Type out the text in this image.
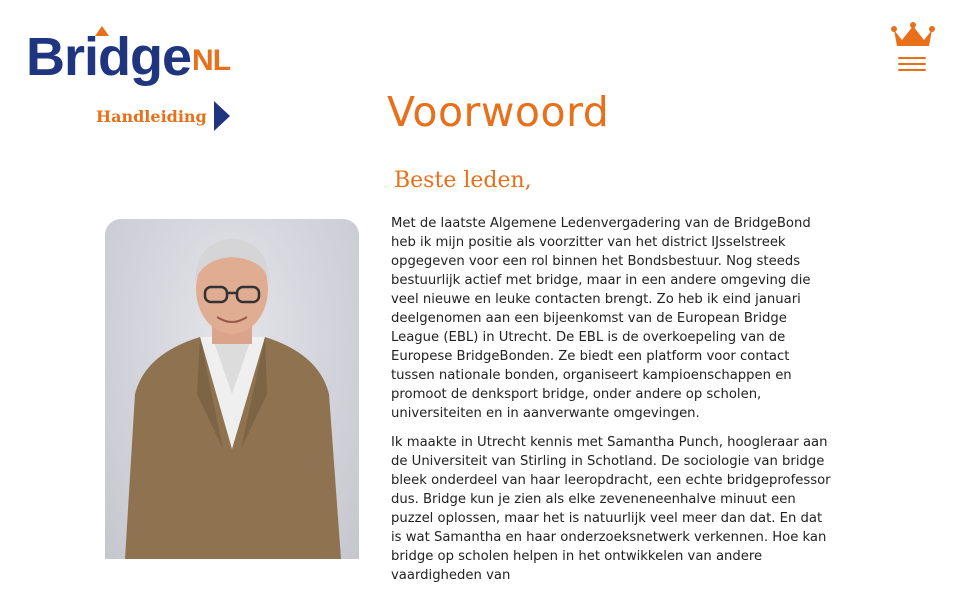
Bridge NL
Handleiding	Voorwoord
Beste leden,

Met de laatste Algemene Ledenvergadering van de BridgeBond heb ik mijn positie als voorzitter van het district IJsselstreek opgegeven voor een rol binnen het Bondsbestuur. Nog steeds bestuurlijk actief met bridge, maar in een andere omgeving die veel nieuwe en leuke contacten brengt. Zo heb ik eind januari deelgenomen aan een bijeenkomst van de European Bridge League (EBL) in Utrecht. De EBL is de overkoepeling van de Europese BridgeBonden. Ze biedt een platform voor contact tussen nationale bonden, organiseert kampioenschappen en promoot de denksport bridge, onder andere op scholen, universiteiten en in aanverwante omgevingen.

Ik maakte in Utrecht kennis met Samantha Punch, hoogleraar aan de Universiteit van Stirling in Schotland. De sociologie van bridge bleek onderdeel van haar leeropdracht, een echte bridgeprofessor dus. Bridge kun je zien als elke zeveneneenhalve minuut een puzzel oplossen, maar het is natuurlijk veel meer dan dat. En dat is wat Samantha en haar onderzoeksnetwerk verkennen. Hoe kan bridge op scholen helpen in het ontwikkelen van andere vaardigheden van
